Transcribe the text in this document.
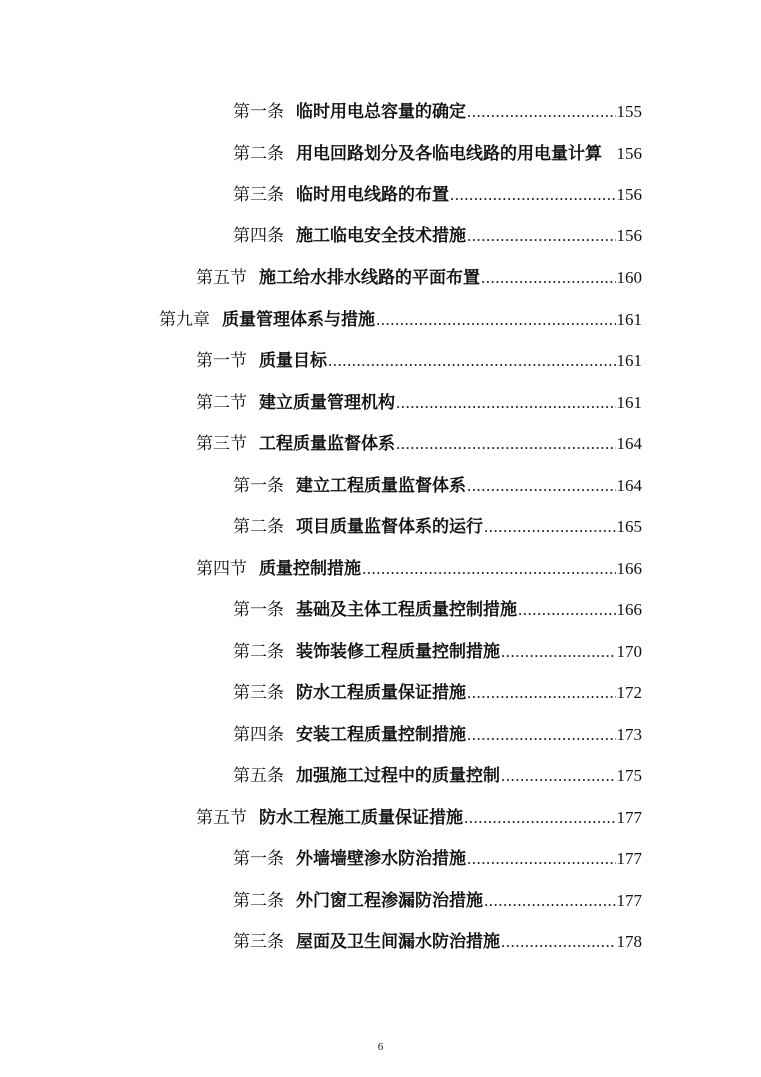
第一条 临时用电总容量的确定 .....	155
第二条 用电回路划分及各临电线路的用电量计算 156
第三条 临时用电线路的布置 .....	156
第四条 施工临电安全技术措施 .....	156
第五节 施工给水排水线路的平面布置 .....	160
第九章 质量管理体系与措施 .....	161
第一节 质量目标 .....	161
第二节 建立质量管理机构 .....	161
第三节 工程质量监督体系 .....	164
第一条 建立工程质量监督体系 .....	164
第二条 项目质量监督体系的运行 .....	165
第四节 质量控制措施 .....	166
第一条 基础及主体工程质量控制措施 .....	166
第二条 装饰装修工程质量控制措施 .....	170
第三条 防水工程质量保证措施 .....	172
第四条 安装工程质量控制措施 .....	173
第五条 加强施工过程中的质量控制 .....	175
第五节 防水工程施工质量保证措施 .....	177
第一条 外墙墙壁渗水防治措施 .....	177
第二条 外门窗工程渗漏防治措施 .....	177
第三条 屋面及卫生间漏水防治措施 .....	178
6
